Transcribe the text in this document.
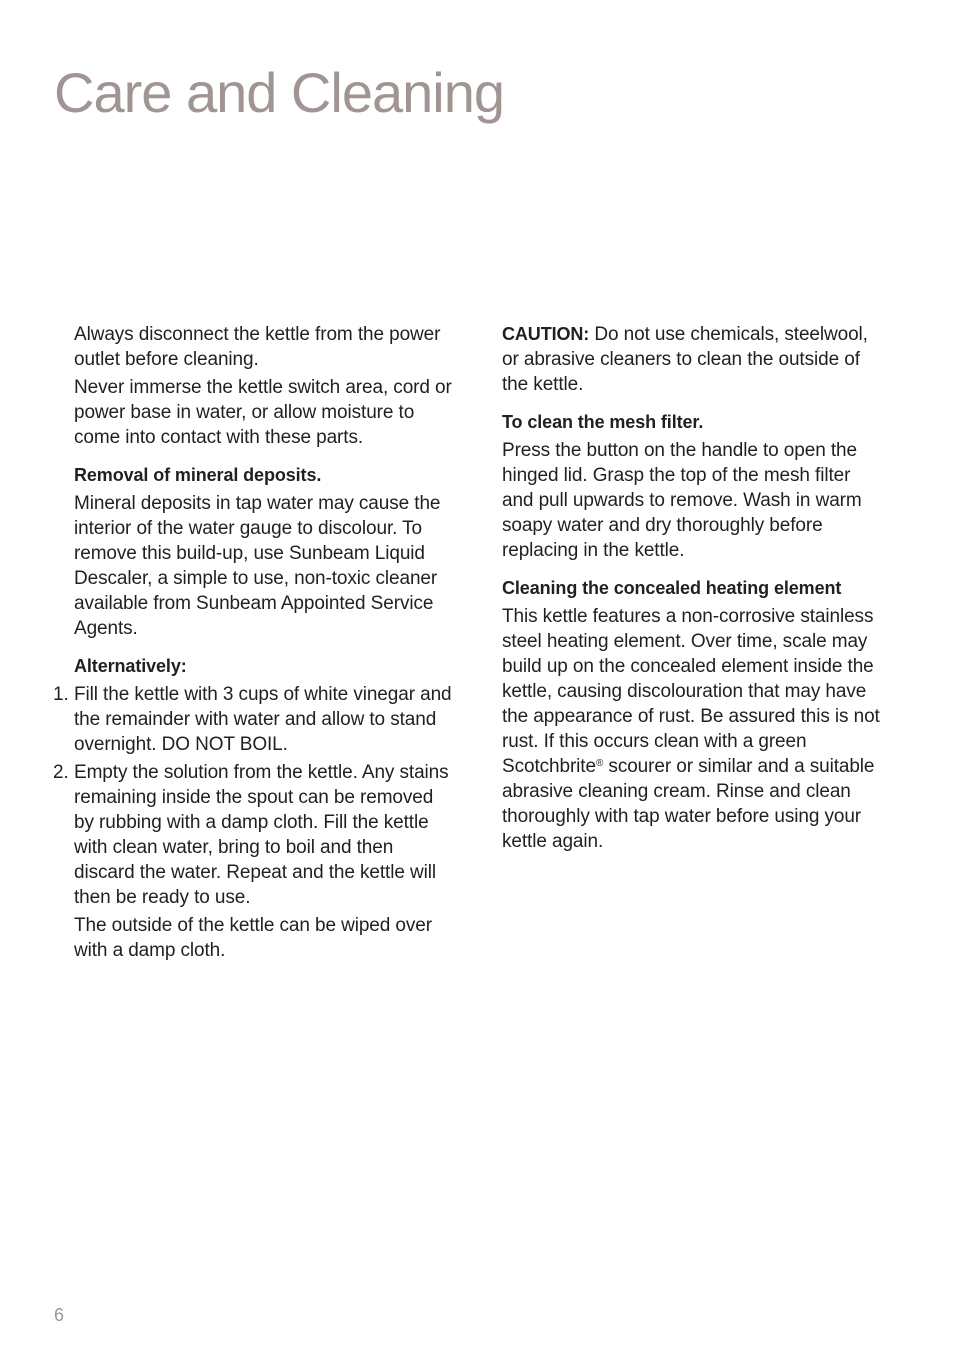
Care and Cleaning

Always disconnect the kettle from the power outlet before cleaning.

Never immerse the kettle switch area, cord or power base in water, or allow moisture to come into contact with these parts.

Removal of mineral deposits.

Mineral deposits in tap water may cause the interior of the water gauge to discolour. To remove this build-up, use Sunbeam Liquid Descaler, a simple to use, non-toxic cleaner available from Sunbeam Appointed Service Agents.

Alternatively:

1. Fill the kettle with 3 cups of white vinegar and the remainder with water and allow to stand overnight. DO NOT BOIL.
2. Empty the solution from the kettle. Any stains remaining inside the spout can be removed by rubbing with a damp cloth. Fill the kettle with clean water, bring to boil and then discard the water. Repeat and the kettle will then be ready to use.

The outside of the kettle can be wiped over with a damp cloth.

CAUTION: Do not use chemicals, steelwool, or abrasive cleaners to clean the outside of the kettle.

To clean the mesh filter.

Press the button on the handle to open the hinged lid. Grasp the top of the mesh filter and pull upwards to remove. Wash in warm soapy water and dry thoroughly before replacing in the kettle.

Cleaning the concealed heating element

This kettle features a non-corrosive stainless steel heating element. Over time, scale may build up on the concealed element inside the kettle, causing discolouration that may have the appearance of rust. Be assured this is not rust. If this occurs clean with a green Scotchbrite® scourer or similar and a suitable abrasive cleaning cream. Rinse and clean thoroughly with tap water before using your kettle again.

6
